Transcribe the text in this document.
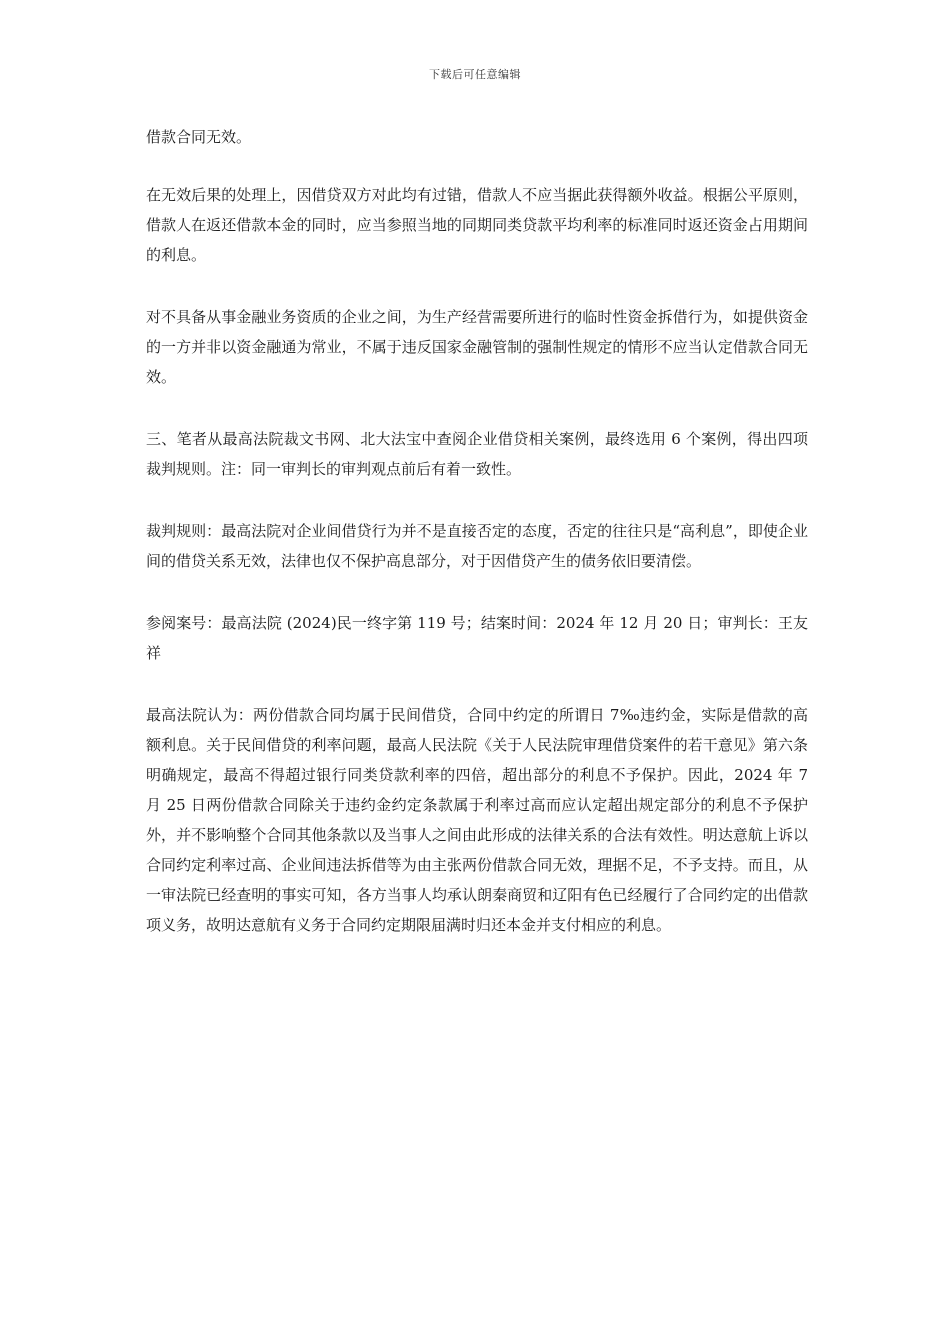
下载后可任意编辑

借款合同无效。

在无效后果的处理上，因借贷双方对此均有过错，借款人不应当据此获得额外收益。根据公平原则，借款人在返还借款本金的同时，应当参照当地的同期同类贷款平均利率的标准同时返还资金占用期间的利息。

对不具备从事金融业务资质的企业之间，为生产经营需要所进行的临时性资金拆借行为，如提供资金的一方并非以资金融通为常业，不属于违反国家金融管制的强制性规定的情形不应当认定借款合同无效。

三、笔者从最高法院裁文书网、北大法宝中查阅企业借贷相关案例，最终选用 6 个案例，得出四项裁判规则。注：同一审判长的审判观点前后有着一致性。

裁判规则：最高法院对企业间借贷行为并不是直接否定的态度，否定的往往只是“高利息”，即使企业间的借贷关系无效，法律也仅不保护高息部分，对于因借贷产生的债务依旧要清偿。

参阅案号：最高法院 (2024)民一终字第 119 号；结案时间：2024 年 12 月 20 日；审判长：王友祥

最高法院认为：两份借款合同均属于民间借贷，合同中约定的所谓日 7‰违约金，实际是借款的高额利息。关于民间借贷的利率问题，最高人民法院《关于人民法院审理借贷案件的若干意见》第六条明确规定，最高不得超过银行同类贷款利率的四倍，超出部分的利息不予保护。因此，2024 年 7 月 25 日两份借款合同除关于违约金约定条款属于利率过高而应认定超出规定部分的利息不予保护外，并不影响整个合同其他条款以及当事人之间由此形成的法律关系的合法有效性。明达意航上诉以合同约定利率过高、企业间违法拆借等为由主张两份借款合同无效，理据不足，不予支持。而且，从一审法院已经查明的事实可知，各方当事人均承认朗秦商贸和辽阳有色已经履行了合同约定的出借款项义务，故明达意航有义务于合同约定期限届满时归还本金并支付相应的利息。
